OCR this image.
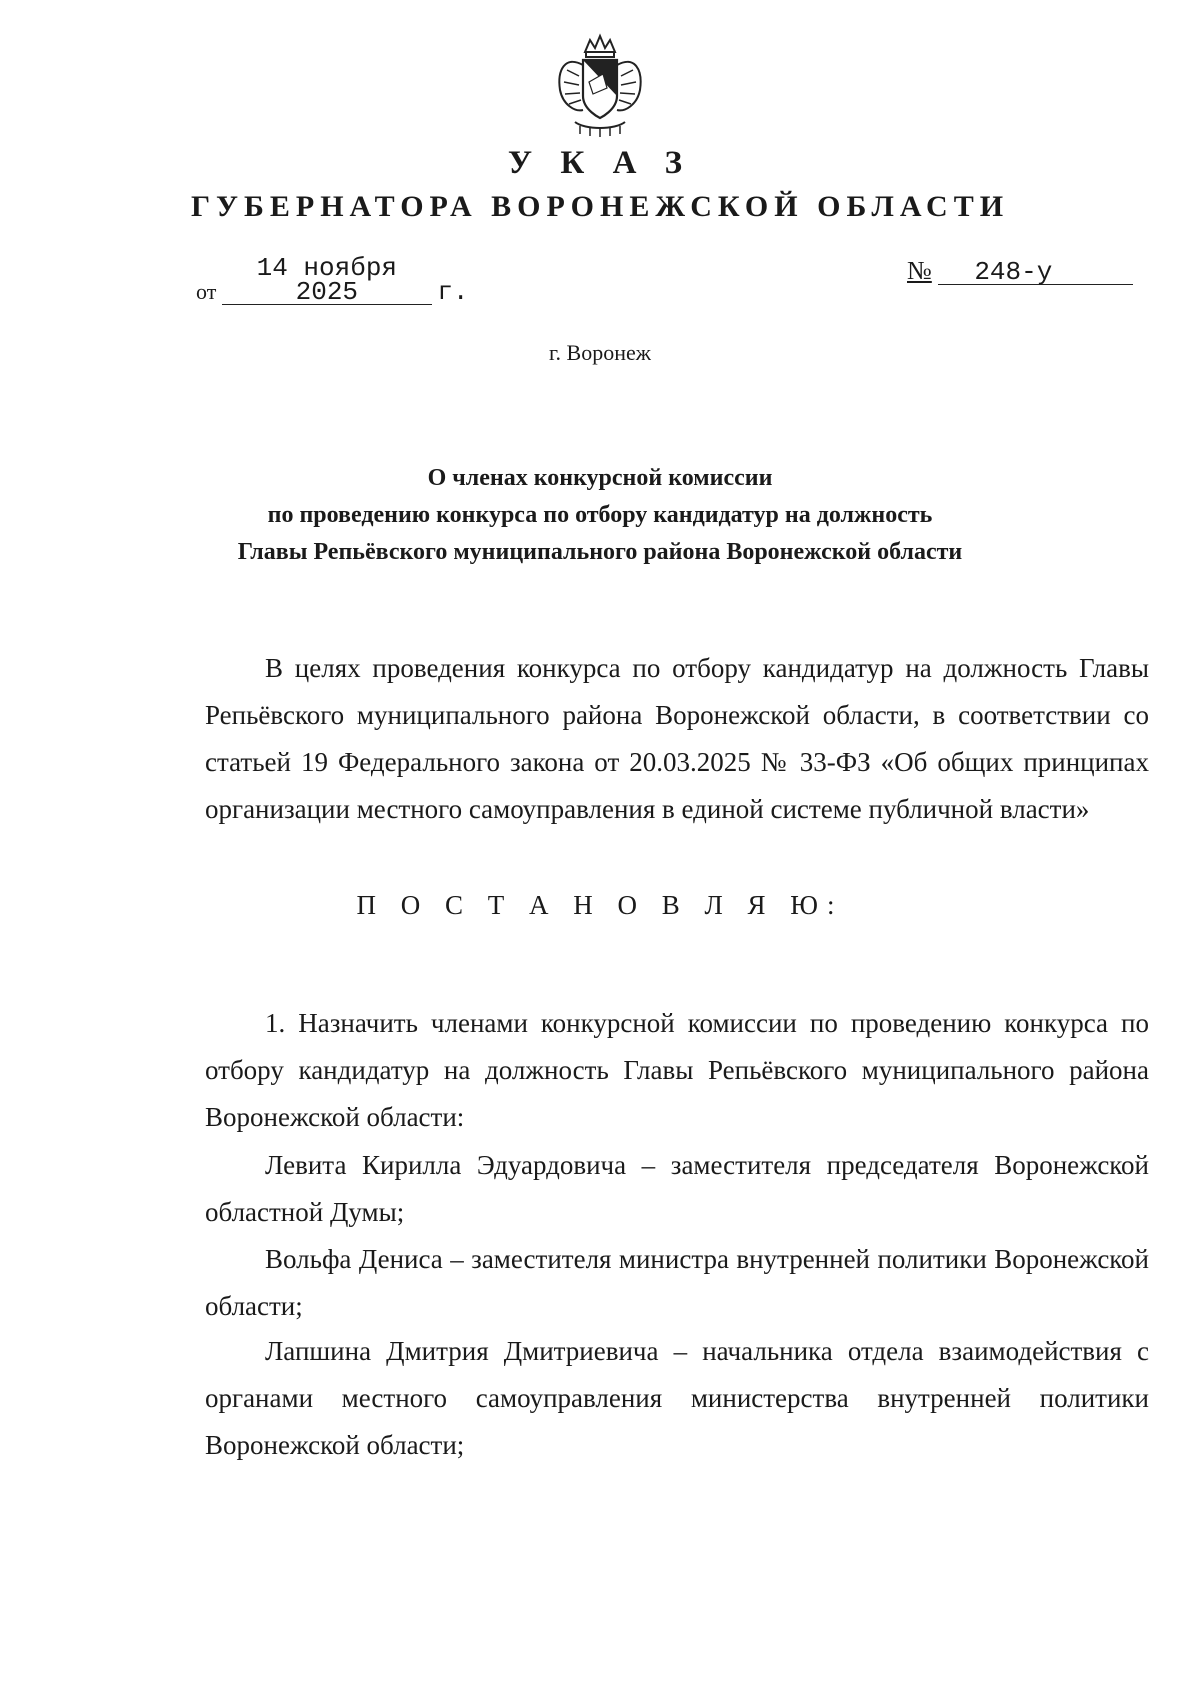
У К А З
ГУБЕРНАТОРА ВОРОНЕЖСКОЙ ОБЛАСТИ
от 14 ноября 2025	г.
№ 248-у
г. Воронеж
О членах конкурсной комиссии
по проведению конкурса по отбору кандидатур на должность
Главы Репьёвского муниципального района Воронежской области
В целях проведения конкурса по отбору кандидатур на должность Главы Репьёвского муниципального района Воронежской области, в соответствии со статьей 19 Федерального закона от 20.03.2025 № 33-ФЗ «Об общих принципах организации местного самоуправления в единой системе публичной власти»
П О С Т А Н О В Л Я Ю:
1. Назначить членами конкурсной комиссии по проведению конкурса по отбору кандидатур на должность Главы Репьёвского муниципального района Воронежской области:
Левита Кирилла Эдуардовича – заместителя председателя Воронежской областной Думы;
Вольфа Дениса – заместителя министра внутренней политики Воронежской области;
Лапшина Дмитрия Дмитриевича – начальника отдела взаимодействия с органами местного самоуправления министерства внутренней политики Воронежской области;
